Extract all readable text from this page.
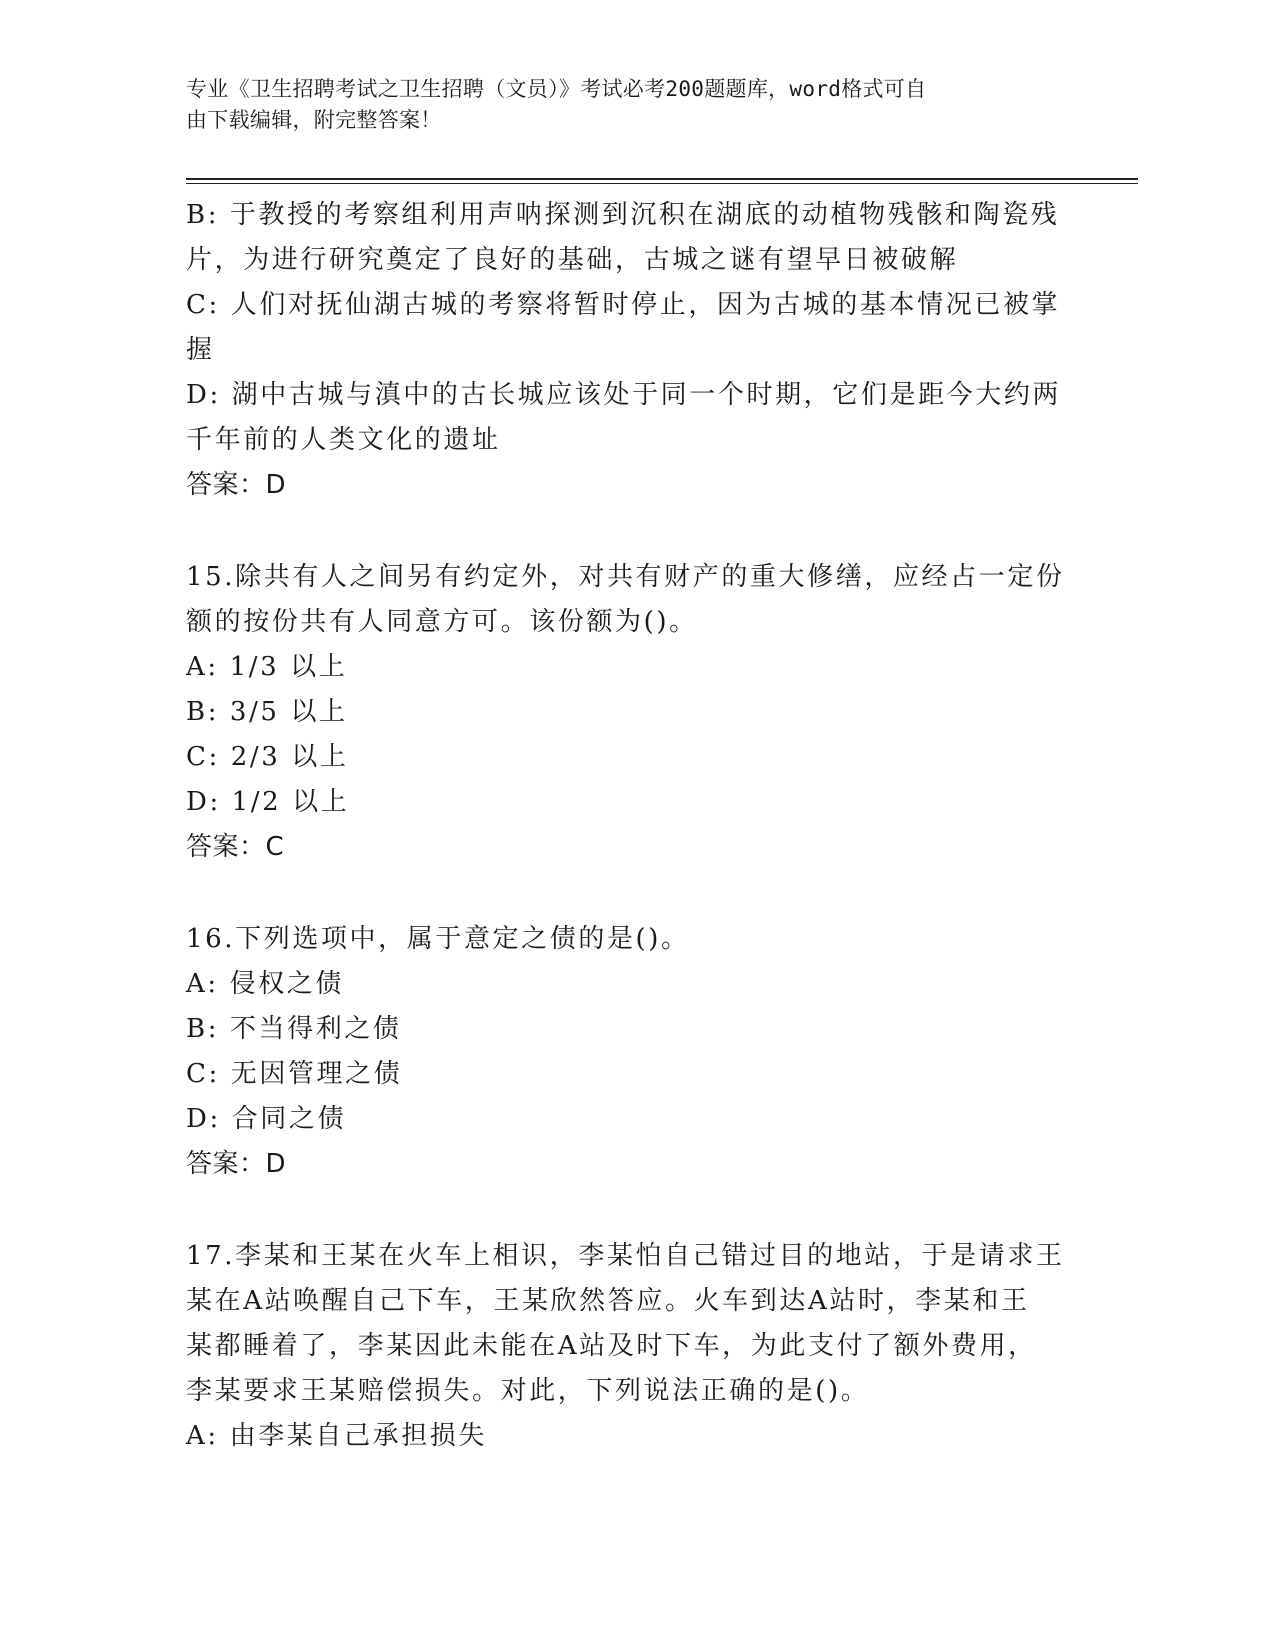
专业《卫生招聘考试之卫生招聘（文员）》考试必考200题题库，word格式可自
由下载编辑，附完整答案！
B: 于教授的考察组利用声呐探测到沉积在湖底的动植物残骸和陶瓷残
片，为进行研究奠定了良好的基础，古城之谜有望早日被破解
C: 人们对抚仙湖古城的考察将暂时停止，因为古城的基本情况已被掌
握
D: 湖中古城与滇中的古长城应该处于同一个时期，它们是距今大约两
千年前的人类文化的遗址
答案：D
15.除共有人之间另有约定外，对共有财产的重大修缮，应经占一定份
额的按份共有人同意方可。该份额为()。
A: 1/3 以上
B: 3/5 以上
C: 2/3 以上
D: 1/2 以上
答案：C
16.下列选项中，属于意定之债的是()。
A: 侵权之债
B: 不当得利之债
C: 无因管理之债
D: 合同之债
答案：D
17.李某和王某在火车上相识，李某怕自己错过目的地站，于是请求王
某在A站唤醒自己下车，王某欣然答应。火车到达A站时，李某和王
某都睡着了，李某因此未能在A站及时下车，为此支付了额外费用，
李某要求王某赔偿损失。对此，下列说法正确的是()。
A: 由李某自己承担损失
